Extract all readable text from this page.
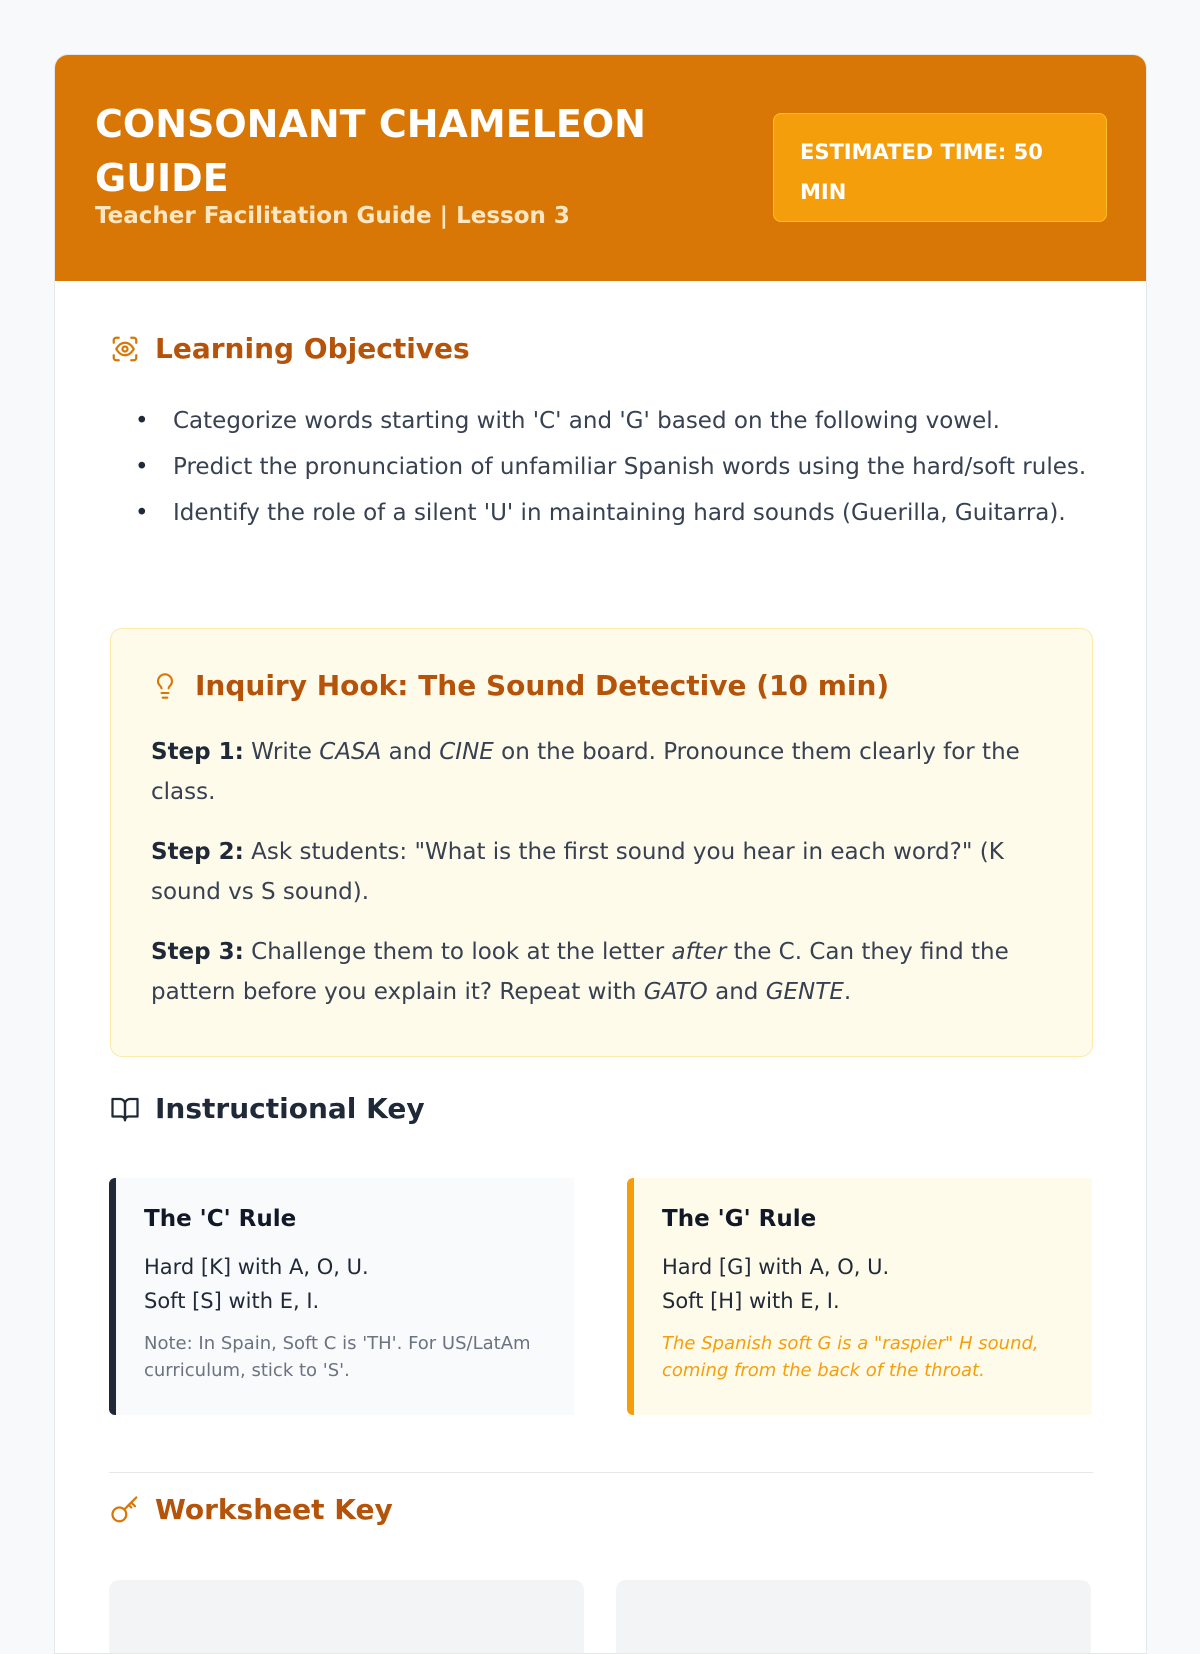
CONSONANT CHAMELEON GUIDE
Teacher Facilitation Guide | Lesson 3
ESTIMATED TIME: 50 MIN
Learning Objectives
• Categorize words starting with 'C' and 'G' based on the following vowel.
• Predict the pronunciation of unfamiliar Spanish words using the hard/soft rules.
• Identify the role of a silent 'U' in maintaining hard sounds (Guerilla, Guitarra).
Inquiry Hook: The Sound Detective (10 min)
Step 1: Write CASA and CINE on the board. Pronounce them clearly for the class.
Step 2: Ask students: "What is the first sound you hear in each word?" (K sound vs S sound).
Step 3: Challenge them to look at the letter after the C. Can they find the pattern before you explain it? Repeat with GATO and GENTE.
Instructional Key
The 'C' Rule
Hard [K] with A, O, U.
Soft [S] with E, I.
Note: In Spain, Soft C is 'TH'. For US/LatAm curriculum, stick to 'S'.
The 'G' Rule
Hard [G] with A, O, U.
Soft [H] with E, I.
The Spanish soft G is a "raspier" H sound, coming from the back of the throat.
Worksheet Key
